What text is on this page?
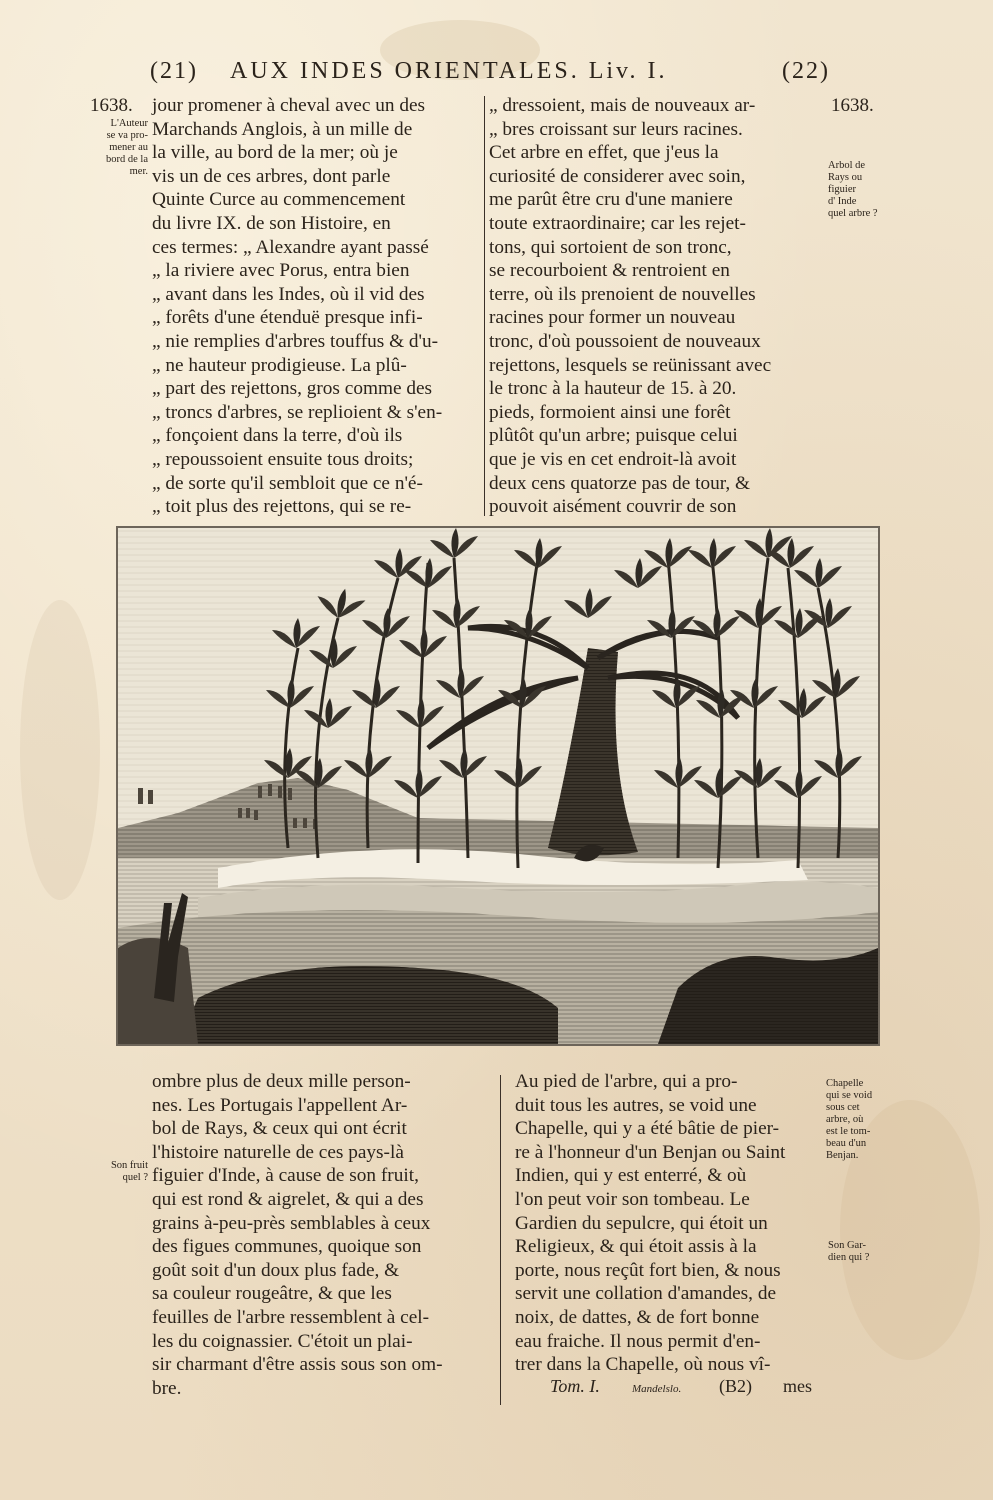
(21) AUX INDES ORIENTALES. Liv. I.	(22)
1638.	1638.
L'Auteur
se va pro-
mener au
bord de la
mer.
Arbol de
Rays ou
figuier
d' Inde
quel arbre ?
Son fruit
quel ?
Chapelle
qui se void
sous cet
arbre, où
est le tom-
beau d'un
Benjan.
Son Gar-
dien qui ?
jour promener à cheval avec un des
Marchands Anglois, à un mille de
la ville, au bord de la mer; où je
vis un de ces arbres, dont parle
Quinte Curce au commencement
du livre IX. de son Histoire, en
ces termes: „ Alexandre ayant passé
„ la riviere avec Porus, entra bien
„ avant dans les Indes, où il vid des
„ forêts d'une étenduë presque infi-
„ nie remplies d'arbres touffus & d'u-
„ ne hauteur prodigieuse. La plû-
„ part des rejettons, gros comme des
„ troncs d'arbres, se replioient & s'en-
„ fonçoient dans la terre, d'où ils
„ repoussoient ensuite tous droits;
„ de sorte qu'il sembloit que ce n'é-
„ toit plus des rejettons, qui se re-
„ dressoient, mais de nouveaux ar-
„ bres croissant sur leurs racines.
Cet arbre en effet, que j'eus la
curiosité de considerer avec soin,
me parût être cru d'une maniere
toute extraordinaire; car les rejet-
tons, qui sortoient de son tronc,
se recourboient & rentroient en
terre, où ils prenoient de nouvelles
racines pour former un nouveau
tronc, d'où poussoient de nouveaux
rejettons, lesquels se reünissant avec
le tronc à la hauteur de 15. à 20.
pieds, formoient ainsi une forêt
plûtôt qu'un arbre; puisque celui
que je vis en cet endroit-là avoit
deux cens quatorze pas de tour, &
pouvoit aisément couvrir de son
ombre plus de deux mille person-
nes. Les Portugais l'appellent Ar-
bol de Rays, & ceux qui ont écrit
l'histoire naturelle de ces pays-là
figuier d'Inde, à cause de son fruit,
qui est rond & aigrelet, & qui a des
grains à-peu-près semblables à ceux
des figues communes, quoique son
goût soit d'un doux plus fade, &
sa couleur rougeâtre, & que les
feuilles de l'arbre ressemblent à cel-
les du coignassier. C'étoit un plai-
sir charmant d'être assis sous son om-
bre.
Au pied de l'arbre, qui a pro-
duit tous les autres, se void une
Chapelle, qui y a été bâtie de pier-
re à l'honneur d'un Benjan ou Saint
Indien, qui y est enterré, & où
l'on peut voir son tombeau. Le
Gardien du sepulcre, qui étoit un
Religieux, & qui étoit assis à la
porte, nous reçût fort bien, & nous
servit une collation d'amandes, de
noix, de dattes, & de fort bonne
eau fraiche. Il nous permit d'en-
trer dans la Chapelle, où nous vî-
Tom. I.	Mandelslo. (B2) mes
